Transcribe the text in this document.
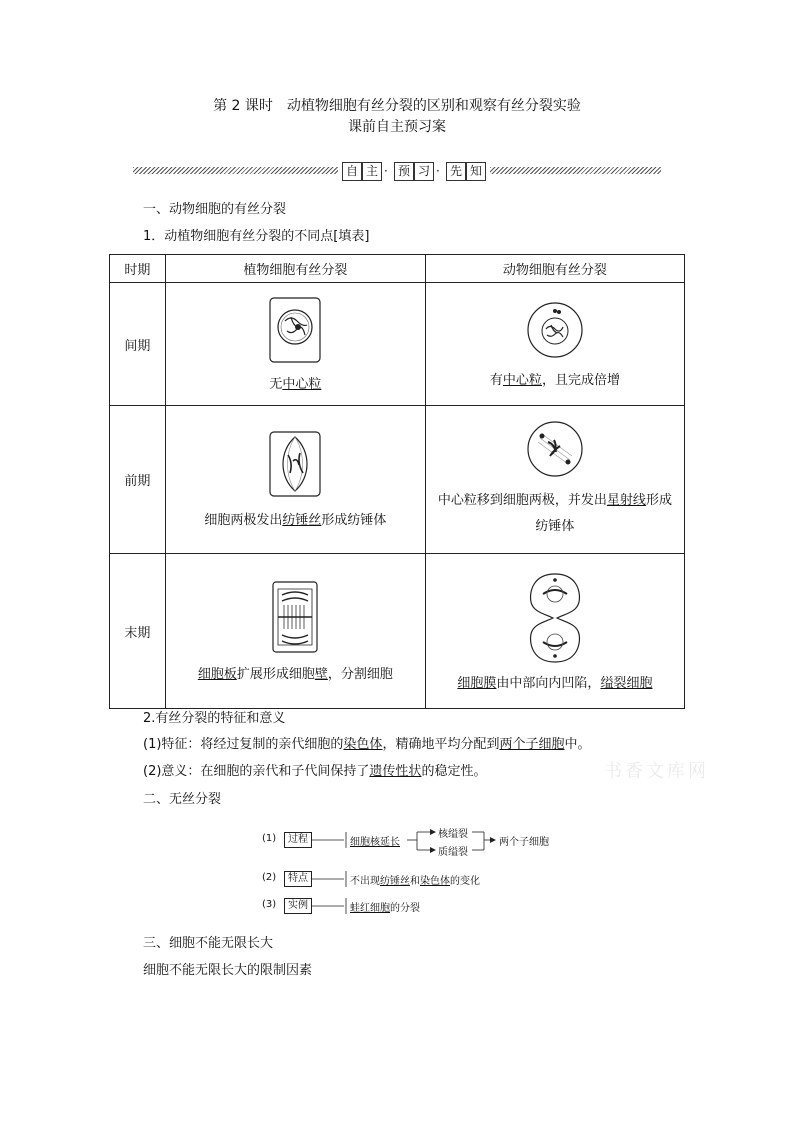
第 2 课时　动植物细胞有丝分裂的区别和观察有丝分裂实验
课前自主预习案
自 主 · 预 习 · 先 知
一、动物细胞的有丝分裂
1．动植物细胞有丝分裂的不同点[填表]
时期	植物细胞有丝分裂	动物细胞有丝分裂
间期	无中心粒	有中心粒，且完成倍增

前期	细胞两极发出纺锤丝形成纺锤体	中心粒移到细胞两极，并发出星射线形成
纺锤体

末期	细胞板扩展形成细胞壁，分割细胞	细胞膜由中部向内凹陷，缢裂细胞
2.有丝分裂的特征和意义
(1)特征：将经过复制的亲代细胞的染色体，精确地平均分配到两个子细胞中。
(2)意义：在细胞的亲代和子代间保持了遗传性状的稳定性。	书香文库网
二、无丝分裂
(1)	过程	细胞核延长
核缢裂
质缢裂
两个子细胞
(2)	特点	不出现纺锤丝和染色体的变化
(3)	实例	蛙红细胞的分裂
三、细胞不能无限长大
细胞不能无限长大的限制因素
